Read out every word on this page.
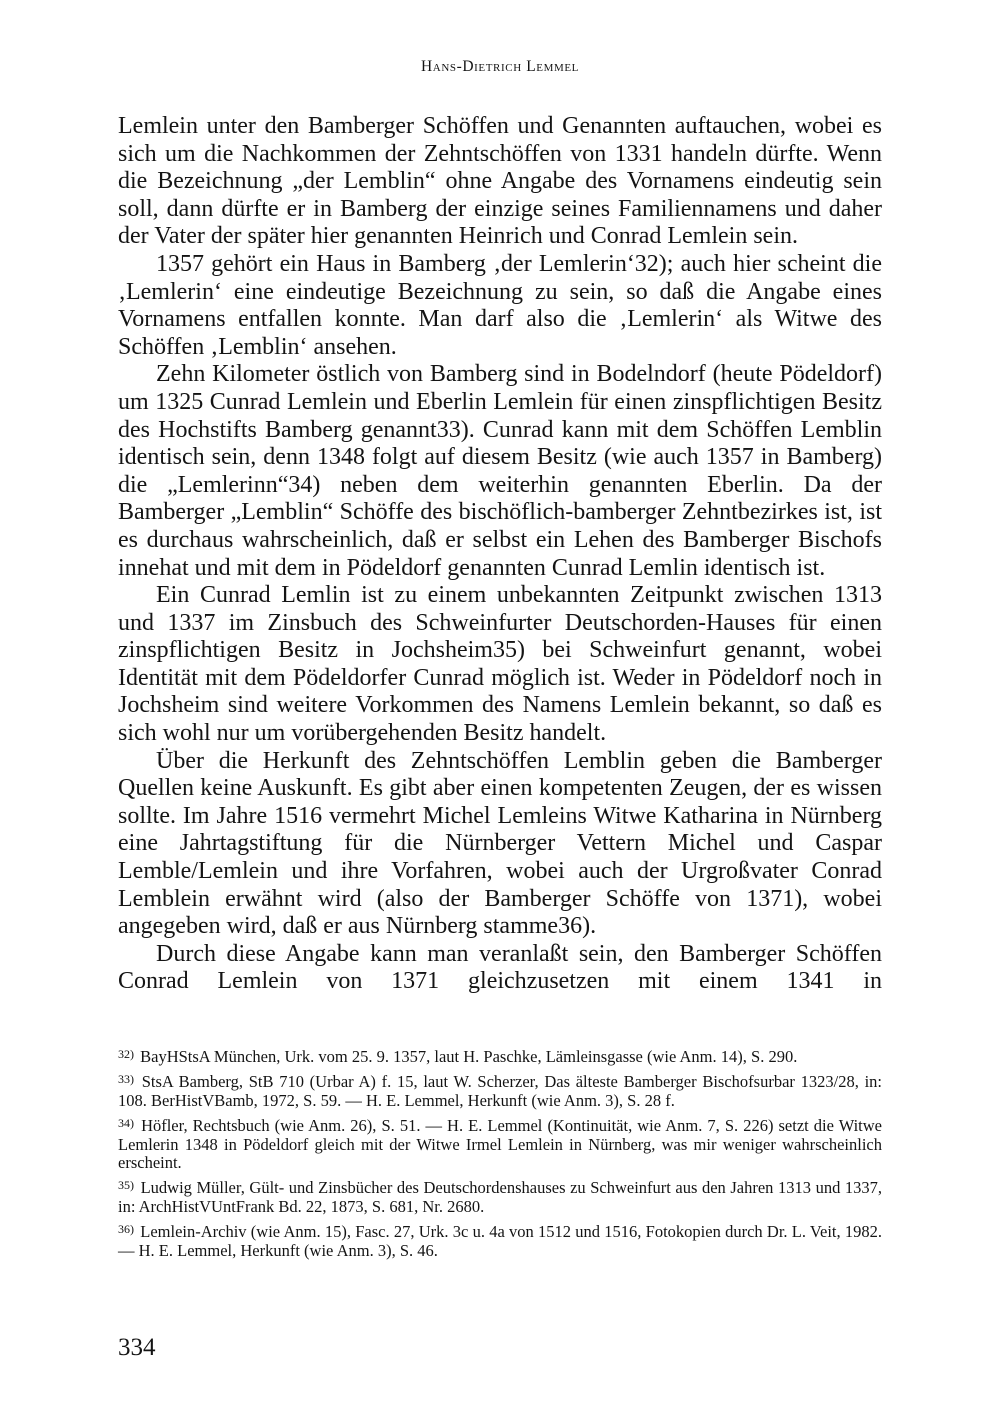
Hans-Dietrich Lemmel

Lemlein unter den Bamberger Schöffen und Genannten auftauchen, wobei es sich um die Nachkommen der Zehntschöffen von 1331 handeln dürfte. Wenn die Bezeichnung „der Lemblin“ ohne Angabe des Vornamens eindeutig sein soll, dann dürfte er in Bamberg der einzige seines Familiennamens und daher der Vater der später hier genannten Heinrich und Conrad Lemlein sein.

1357 gehört ein Haus in Bamberg ‚der Lemlerin‘32); auch hier scheint die ‚Lemlerin‘ eine eindeutige Bezeichnung zu sein, so daß die Angabe eines Vornamens entfallen konnte. Man darf also die ‚Lemlerin‘ als Witwe des Schöffen ‚Lemblin‘ ansehen.

Zehn Kilometer östlich von Bamberg sind in Bodelndorf (heute Pödeldorf) um 1325 Cunrad Lemlein und Eberlin Lemlein für einen zinspflichtigen Besitz des Hochstifts Bamberg genannt33). Cunrad kann mit dem Schöffen Lemblin identisch sein, denn 1348 folgt auf diesem Besitz (wie auch 1357 in Bamberg) die „Lemlerinn“34) neben dem weiterhin genannten Eberlin. Da der Bamberger „Lemblin“ Schöffe des bischöflich-bamberger Zehntbezirkes ist, ist es durchaus wahrscheinlich, daß er selbst ein Lehen des Bamberger Bischofs innehat und mit dem in Pödeldorf genannten Cunrad Lemlin identisch ist.

Ein Cunrad Lemlin ist zu einem unbekannten Zeitpunkt zwischen 1313 und 1337 im Zinsbuch des Schweinfurter Deutschorden-Hauses für einen zinspflichtigen Besitz in Jochsheim35) bei Schweinfurt genannt, wobei Identität mit dem Pödeldorfer Cunrad möglich ist. Weder in Pödeldorf noch in Jochsheim sind weitere Vorkommen des Namens Lemlein bekannt, so daß es sich wohl nur um vorübergehenden Besitz handelt.

Über die Herkunft des Zehntschöffen Lemblin geben die Bamberger Quellen keine Auskunft. Es gibt aber einen kompetenten Zeugen, der es wissen sollte. Im Jahre 1516 vermehrt Michel Lemleins Witwe Katharina in Nürnberg eine Jahrtagstiftung für die Nürnberger Vettern Michel und Caspar Lemble/Lemlein und ihre Vorfahren, wobei auch der Urgroßvater Conrad Lemblein erwähnt wird (also der Bamberger Schöffe von 1371), wobei angegeben wird, daß er aus Nürnberg stamme36).

Durch diese Angabe kann man veranlaßt sein, den Bamberger Schöffen Conrad Lemlein von 1371 gleichzusetzen mit einem 1341 in

$^{32)}$ BayHStsA München, Urk. vom 25. 9. 1357, laut H. Paschke, Lämleinsgasse (wie Anm. 14), S. 290.

$^{33)}$ StsA Bamberg, StB 710 (Urbar A) f. 15, laut W. Scherzer, Das älteste Bamberger Bischofsurbar 1323/28, in: 108. BerHistVBamb, 1972, S. 59. — H. E. Lemmel, Herkunft (wie Anm. 3), S. 28 f.

$^{34)}$ Höfler, Rechtsbuch (wie Anm. 26), S. 51. — H. E. Lemmel (Kontinuität, wie Anm. 7, S. 226) setzt die Witwe Lemlerin 1348 in Pödeldorf gleich mit der Witwe Irmel Lemlein in Nürnberg, was mir weniger wahrscheinlich erscheint.

$^{35)}$ Ludwig Müller, Gült- und Zinsbücher des Deutschordenshauses zu Schweinfurt aus den Jahren 1313 und 1337, in: ArchHistVUntFrank Bd. 22, 1873, S. 681, Nr. 2680.

$^{36)}$ Lemlein-Archiv (wie Anm. 15), Fasc. 27, Urk. 3c u. 4a von 1512 und 1516, Fotokopien durch Dr. L. Veit, 1982. — H. E. Lemmel, Herkunft (wie Anm. 3), S. 46.

334
